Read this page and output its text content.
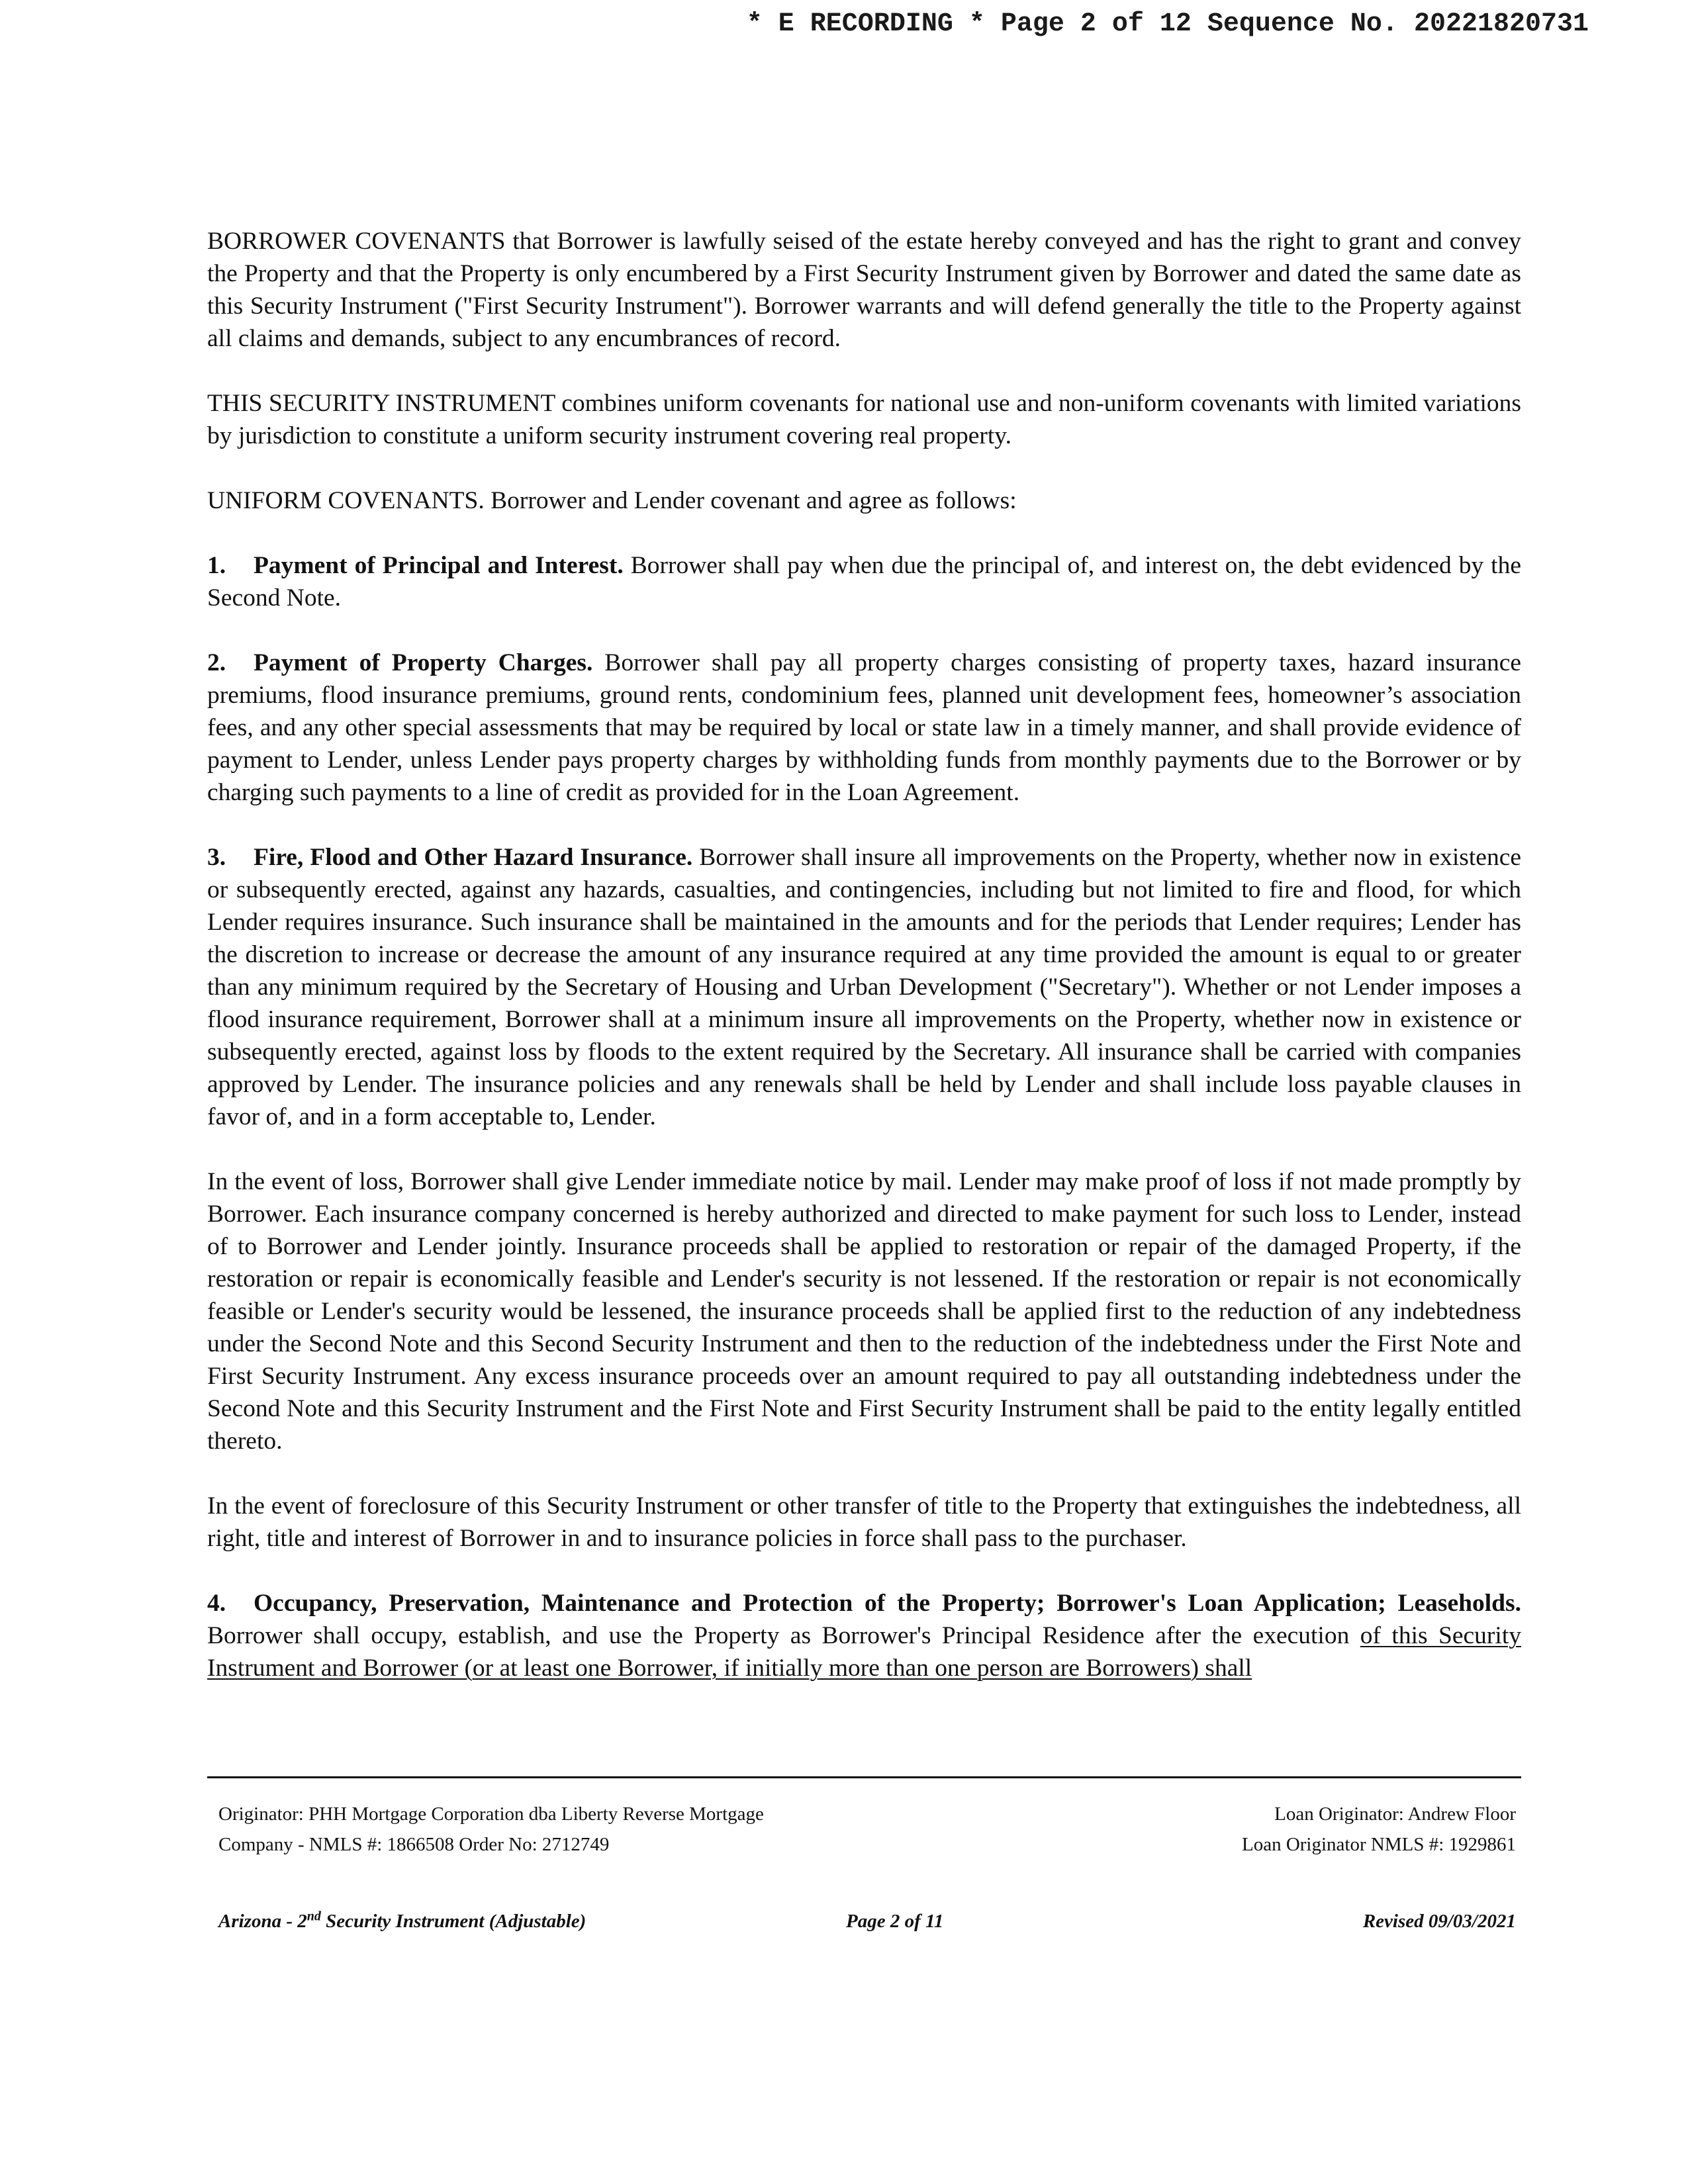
* E RECORDING * Page 2 of 12 Sequence No. 20221820731

BORROWER COVENANTS that Borrower is lawfully seised of the estate hereby conveyed and has the right to grant and convey the Property and that the Property is only encumbered by a First Security Instrument given by Borrower and dated the same date as this Security Instrument ("First Security Instrument"). Borrower warrants and will defend generally the title to the Property against all claims and demands, subject to any encumbrances of record.

THIS SECURITY INSTRUMENT combines uniform covenants for national use and non-uniform covenants with limited variations by jurisdiction to constitute a uniform security instrument covering real property.

UNIFORM COVENANTS. Borrower and Lender covenant and agree as follows:

1. Payment of Principal and Interest. Borrower shall pay when due the principal of, and interest on, the debt evidenced by the Second Note.

2. Payment of Property Charges. Borrower shall pay all property charges consisting of property taxes, hazard insurance premiums, flood insurance premiums, ground rents, condominium fees, planned unit development fees, homeowner’s association fees, and any other special assessments that may be required by local or state law in a timely manner, and shall provide evidence of payment to Lender, unless Lender pays property charges by withholding funds from monthly payments due to the Borrower or by charging such payments to a line of credit as provided for in the Loan Agreement.

3. Fire, Flood and Other Hazard Insurance. Borrower shall insure all improvements on the Property, whether now in existence or subsequently erected, against any hazards, casualties, and contingencies, including but not limited to fire and flood, for which Lender requires insurance. Such insurance shall be maintained in the amounts and for the periods that Lender requires; Lender has the discretion to increase or decrease the amount of any insurance required at any time provided the amount is equal to or greater than any minimum required by the Secretary of Housing and Urban Development ("Secretary"). Whether or not Lender imposes a flood insurance requirement, Borrower shall at a minimum insure all improvements on the Property, whether now in existence or subsequently erected, against loss by floods to the extent required by the Secretary. All insurance shall be carried with companies approved by Lender. The insurance policies and any renewals shall be held by Lender and shall include loss payable clauses in favor of, and in a form acceptable to, Lender.

In the event of loss, Borrower shall give Lender immediate notice by mail. Lender may make proof of loss if not made promptly by Borrower. Each insurance company concerned is hereby authorized and directed to make payment for such loss to Lender, instead of to Borrower and Lender jointly. Insurance proceeds shall be applied to restoration or repair of the damaged Property, if the restoration or repair is economically feasible and Lender's security is not lessened. If the restoration or repair is not economically feasible or Lender's security would be lessened, the insurance proceeds shall be applied first to the reduction of any indebtedness under the Second Note and this Second Security Instrument and then to the reduction of the indebtedness under the First Note and First Security Instrument. Any excess insurance proceeds over an amount required to pay all outstanding indebtedness under the Second Note and this Security Instrument and the First Note and First Security Instrument shall be paid to the entity legally entitled thereto.

In the event of foreclosure of this Security Instrument or other transfer of title to the Property that extinguishes the indebtedness, all right, title and interest of Borrower in and to insurance policies in force shall pass to the purchaser.

4. Occupancy, Preservation, Maintenance and Protection of the Property; Borrower's Loan Application; Leaseholds. Borrower shall occupy, establish, and use the Property as Borrower's Principal Residence after the execution of this Security Instrument and Borrower (or at least one Borrower, if initially more than one person are Borrowers) shall

Originator: PHH Mortgage Corporation dba Liberty Reverse Mortgage
Company - NMLS #: 1866508 Order No: 2712749
Loan Originator: Andrew Floor
Loan Originator NMLS #: 1929861
Arizona - 2nd Security Instrument (Adjustable)	Page 2 of 11	Revised 09/03/2021
